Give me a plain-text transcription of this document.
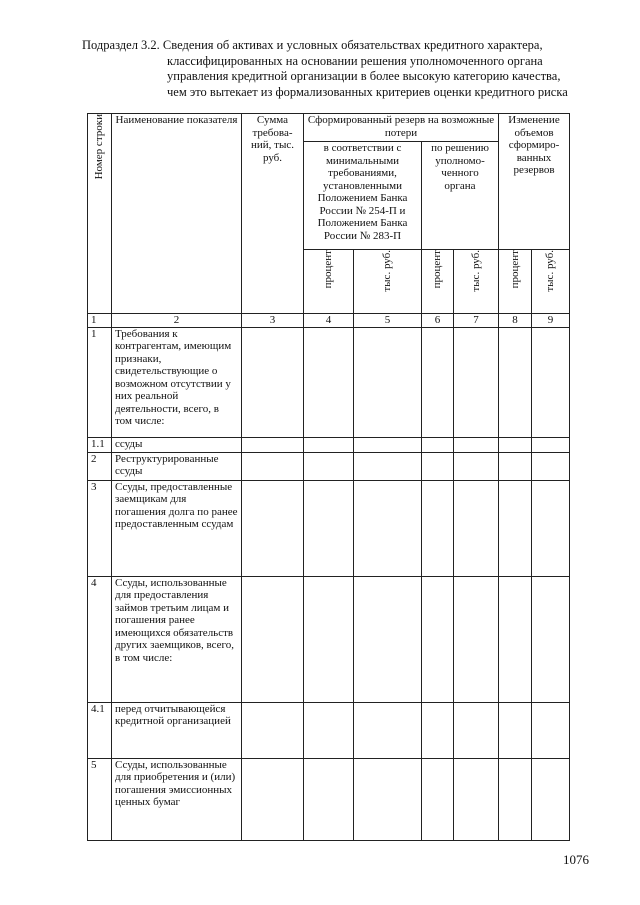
Подраздел 3.2. Сведения об активах и условных обязательствах кредитного характера,
классифицированных на основании решения уполномоченного органа
управления кредитной организации в более высокую категорию качества,
чем это вытекает из формализованных критериев оценки кредитного риска
Номер строки	Наименование показателя	Сумма требова-ний, тыс. руб.	Сформированный резерв на возможные потери				Изменение объемов сформиро-ванных резервов	
			в соответствии с минимальными требованиями, установленными Положением Банка России № 254-П и Положением Банка России № 283-П		по решению уполномо-ченного органа			

			процент	тыс. руб.	процент	тыс. руб.	процент	тыс. руб.

1	2	3	4	5	6	7	8	9
1	Требования к контрагентам, имеющим признаки, свидетельствующие о возможном отсутствии у них реальной деятельности, всего, в том числе:							
1.1	ссуды							
2	Реструктурированные ссуды							
3	Ссуды, предоставленные заемщикам для погашения долга по ранее предоставленным ссудам							
4	Ссуды, использованные для предоставления займов третьим лицам и погашения ранее имеющихся обязательств других заемщиков, всего, в том числе:							
4.1	перед отчитывающейся кредитной организацией							
5	Ссуды, использованные для приобретения и (или) погашения эмиссионных ценных бумаг							
1076
